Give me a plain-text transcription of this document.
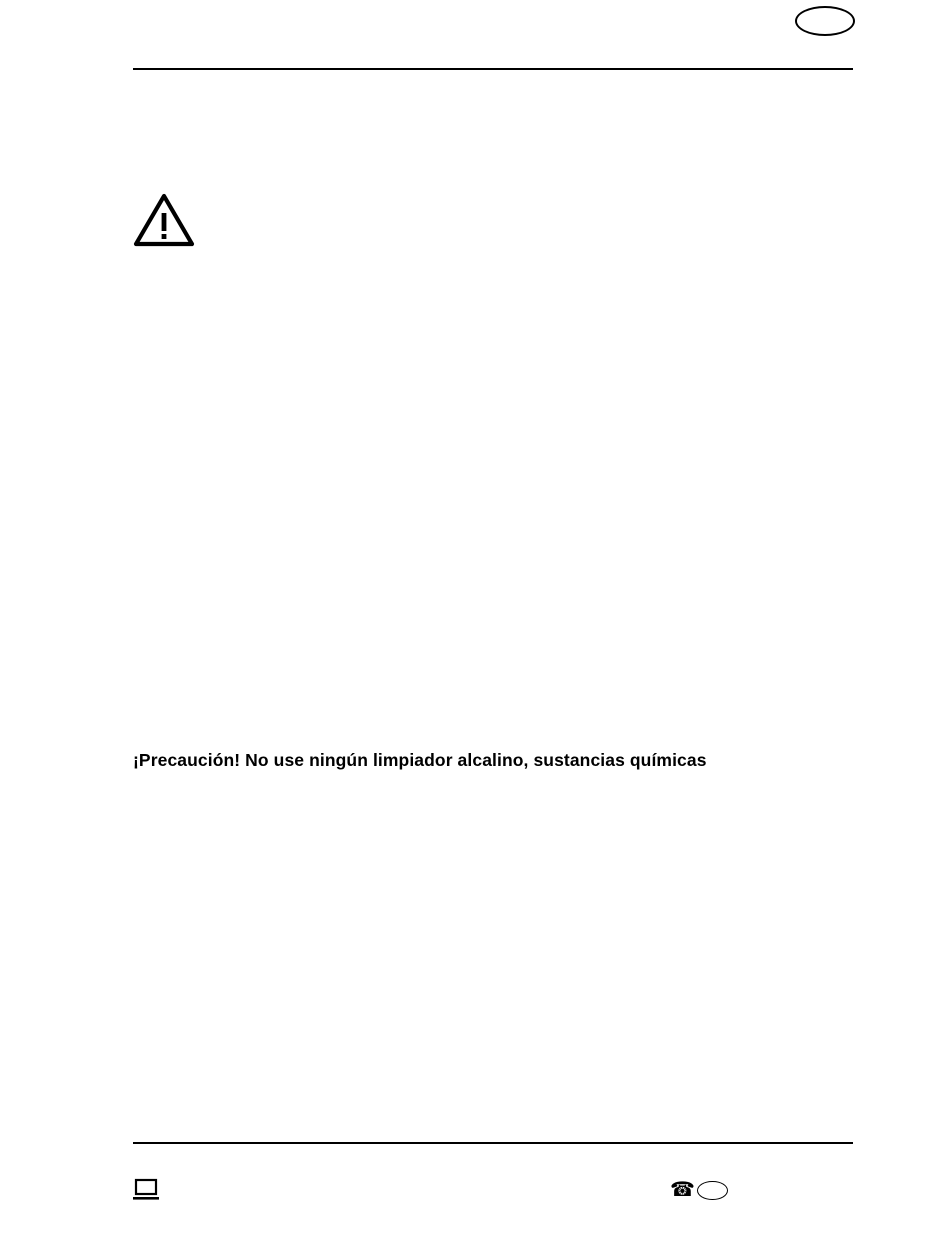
¡Precaución! No use ningún limpiador alcalino, sustancias químicas
☎
